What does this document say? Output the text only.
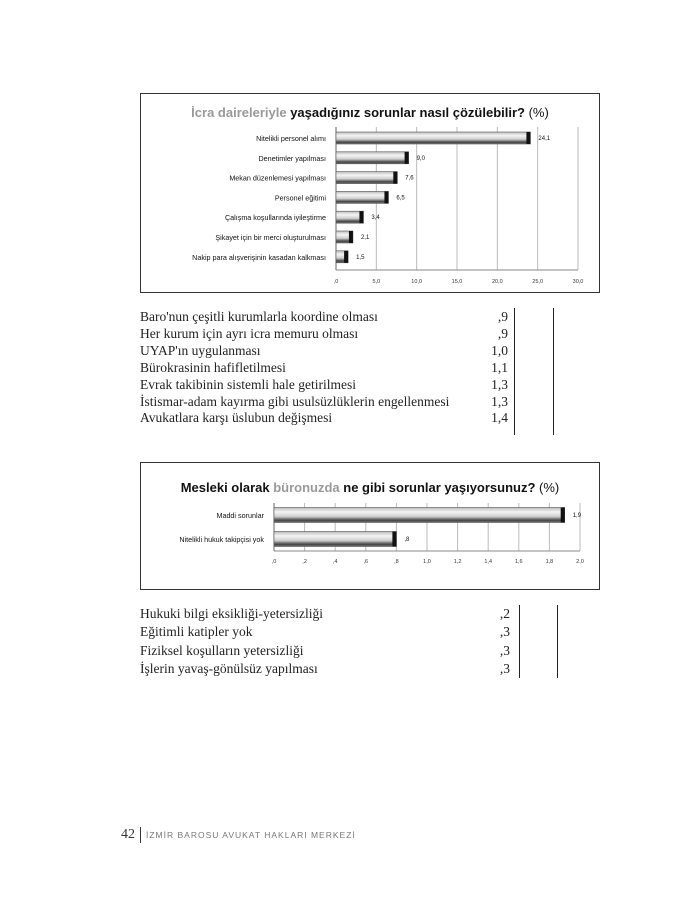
İcra daireleriyle yaşadığınız sorunlar nasıl çözülebilir? (%)
,0	5,0	10,0	15,0	20,0	25,0	30,0
Nitelikli personel alımı	24,1
Denetimler yapılması	9,0
Mekan düzenlemesi yapılması	7,6
Personel eğitimi	6,5
Çalışma koşullarında iyileştirme	3,4
Şikayet için bir merci oluşturulması	2,1
Nakip para alışverişinin kasadan kalkması	1,5
Baro'nun çeşitli kurumlarla koordine olması	,9
Her kurum için ayrı icra memuru olması	,9
UYAP'ın uygulanması	1,0
Bürokrasinin hafifletilmesi	1,1
Evrak takibinin sistemli hale getirilmesi	1,3
İstismar-adam kayırma gibi usulsüzlüklerin engellenmesi	1,3
Avukatlara karşı üslubun değişmesi	1,4
Mesleki olarak büronuzda ne gibi sorunlar yaşıyorsunuz? (%)
,0	,2	,4	,6	,8	1,0	1,2	1,4	1,6	1,8	2,0
Maddi sorunlar	1,9
Nitelikli hukuk takipçisi yok	,8
Hukuki bilgi eksikliği-yetersizliği	,2
Eğitimli katipler yok	,3
Fiziksel koşulların yetersizliği	,3
İşlerin yavaş-gönülsüz yapılması	,3
42 İZMİR BAROSU AVUKAT HAKLARI MERKEZİ
